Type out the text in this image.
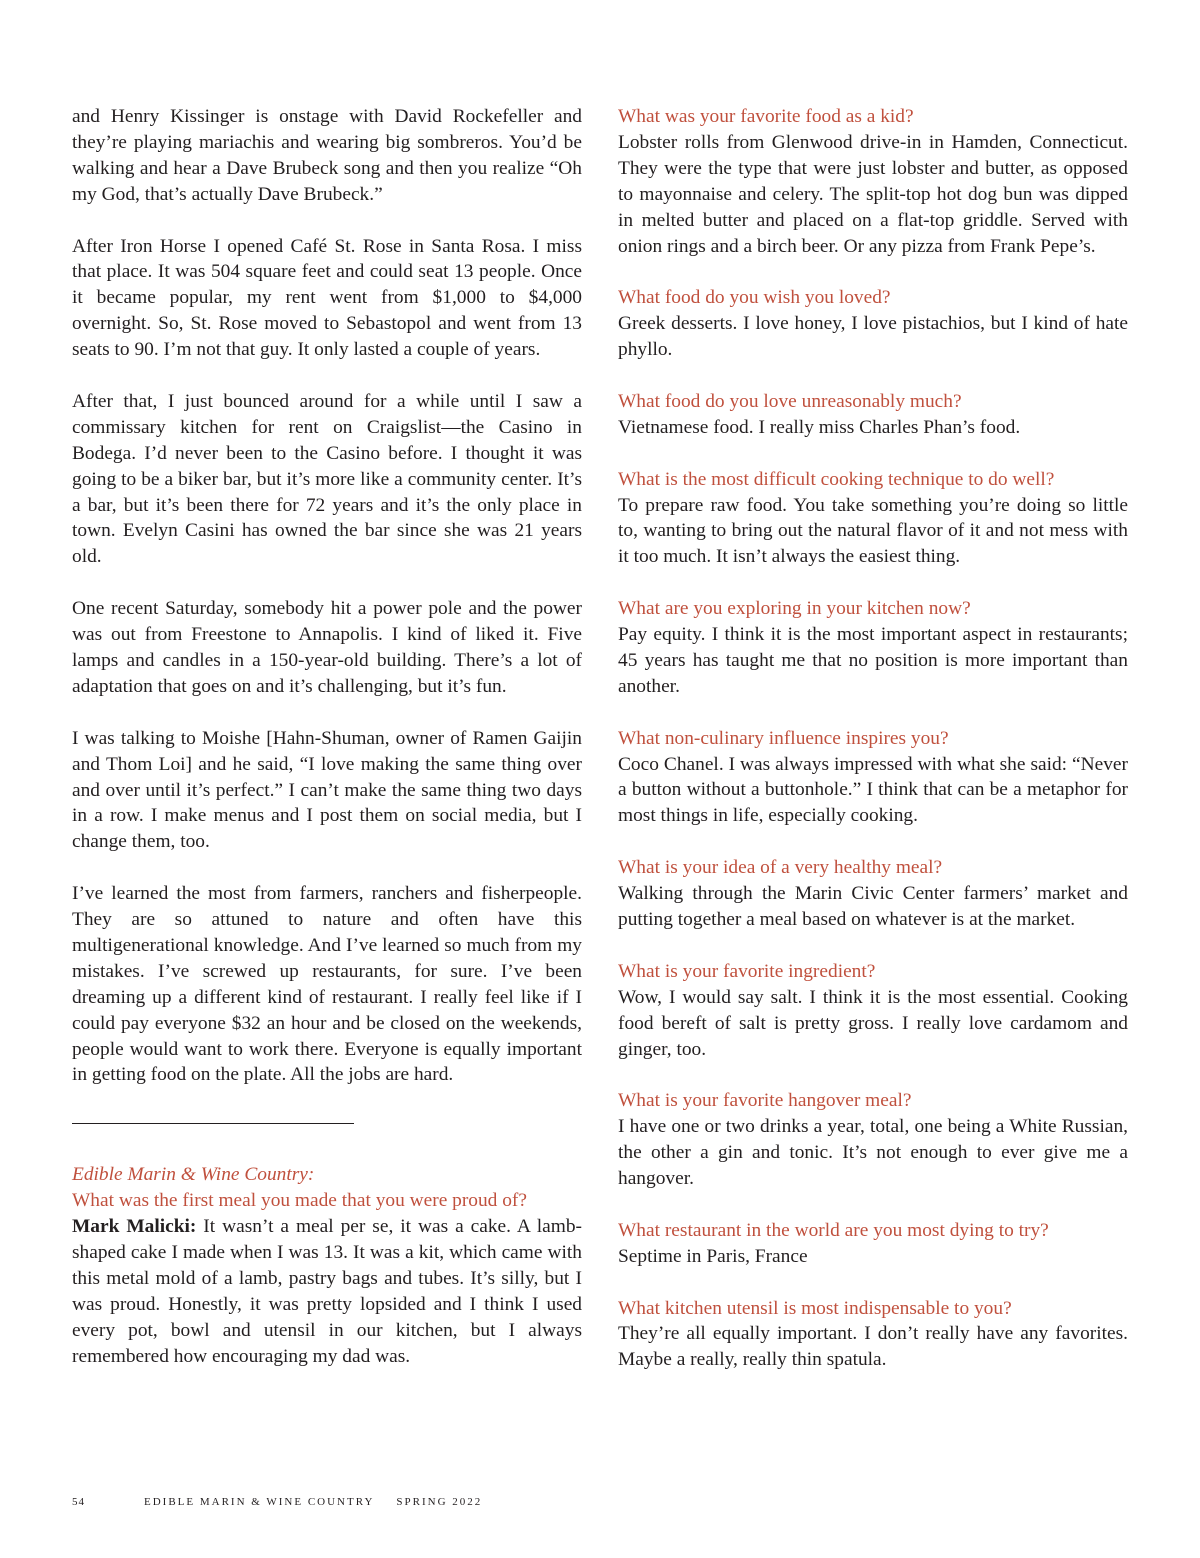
and Henry Kissinger is onstage with David Rockefeller and they’re playing mariachis and wearing big sombreros. You’d be walking and hear a Dave Brubeck song and then you realize “Oh my God, that’s actually Dave Brubeck.”

After Iron Horse I opened Café St. Rose in Santa Rosa. I miss that place. It was 504 square feet and could seat 13 people. Once it became popular, my rent went from $1,000 to $4,000 overnight. So, St. Rose moved to Sebastopol and went from 13 seats to 90. I’m not that guy. It only lasted a couple of years.

After that, I just bounced around for a while until I saw a commissary kitchen for rent on Craigslist—the Casino in Bodega. I’d never been to the Casino before. I thought it was going to be a biker bar, but it’s more like a community center. It’s a bar, but it’s been there for 72 years and it’s the only place in town. Evelyn Casini has owned the bar since she was 21 years old.

One recent Saturday, somebody hit a power pole and the power was out from Freestone to Annapolis. I kind of liked it. Five lamps and candles in a 150-year-old building. There’s a lot of adaptation that goes on and it’s challenging, but it’s fun.

I was talking to Moishe [Hahn-Shuman, owner of Ramen Gaijin and Thom Loi] and he said, “I love making the same thing over and over until it’s perfect.” I can’t make the same thing two days in a row. I make menus and I post them on social media, but I change them, too.

I’ve learned the most from farmers, ranchers and fisherpeople. They are so attuned to nature and often have this multigenerational knowledge. And I’ve learned so much from my mistakes. I’ve screwed up restaurants, for sure. I’ve been dreaming up a different kind of restaurant. I really feel like if I could pay everyone $32 an hour and be closed on the weekends, people would want to work there. Everyone is equally important in getting food on the plate. All the jobs are hard.

Edible Marin & Wine Country:

What was the first meal you made that you were proud of?

Mark Malicki: It wasn’t a meal per se, it was a cake. A lamb-shaped cake I made when I was 13. It was a kit, which came with this metal mold of a lamb, pastry bags and tubes. It’s silly, but I was proud. Honestly, it was pretty lopsided and I think I used every pot, bowl and utensil in our kitchen, but I always remembered how encouraging my dad was.

What was your favorite food as a kid?

Lobster rolls from Glenwood drive-in in Hamden, Connecticut. They were the type that were just lobster and butter, as opposed to mayonnaise and celery. The split-top hot dog bun was dipped in melted butter and placed on a flat-top griddle. Served with onion rings and a birch beer. Or any pizza from Frank Pepe’s.

What food do you wish you loved?

Greek desserts. I love honey, I love pistachios, but I kind of hate phyllo.

What food do you love unreasonably much?

Vietnamese food. I really miss Charles Phan’s food.

What is the most difficult cooking technique to do well?

To prepare raw food. You take something you’re doing so little to, wanting to bring out the natural flavor of it and not mess with it too much. It isn’t always the easiest thing.

What are you exploring in your kitchen now?

Pay equity. I think it is the most important aspect in restaurants; 45 years has taught me that no position is more important than another.

What non-culinary influence inspires you?

Coco Chanel. I was always impressed with what she said: “Never a button without a buttonhole.” I think that can be a metaphor for most things in life, especially cooking.

What is your idea of a very healthy meal?

Walking through the Marin Civic Center farmers’ market and putting together a meal based on whatever is at the market.

What is your favorite ingredient?

Wow, I would say salt. I think it is the most essential. Cooking food bereft of salt is pretty gross. I really love cardamom and ginger, too.

What is your favorite hangover meal?

I have one or two drinks a year, total, one being a White Russian, the other a gin and tonic. It’s not enough to ever give me a hangover.

What restaurant in the world are you most dying to try?

Septime in Paris, France

What kitchen utensil is most indispensable to you?

They’re all equally important. I don’t really have any favorites. Maybe a really, really thin spatula.

54	EDIBLE MARIN & WINE COUNTRY SPRING 2022
